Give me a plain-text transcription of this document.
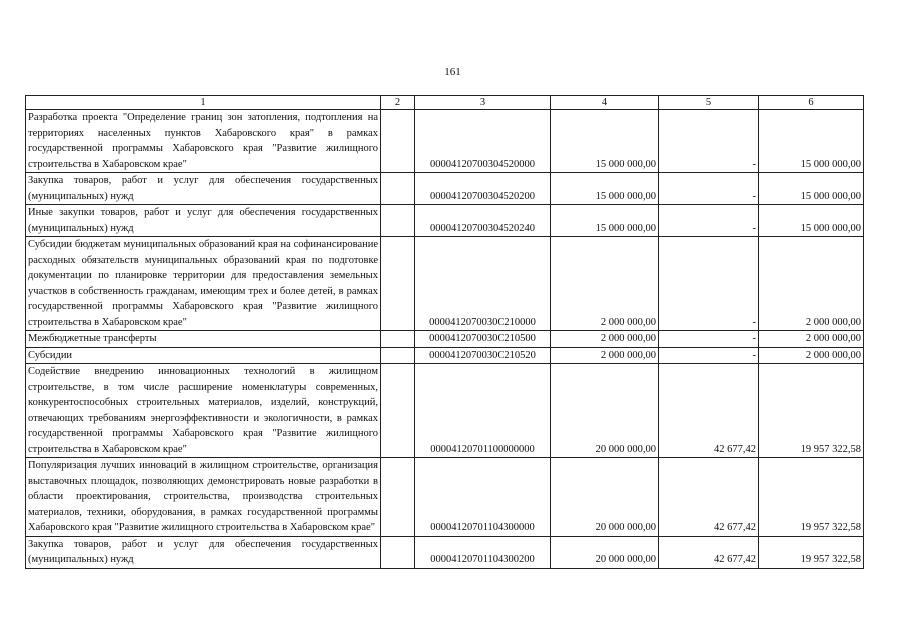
161
1	2	3	4	5	6
Разработка проекта "Определение границ зон затопления, подтопления на территориях населенных пунктов Хабаровского края" в рамках государственной программы Хабаровского края "Развитие жилищного строительства в Хабаровском крае"		00004120700304520000	15 000 000,00	-	15 000 000,00
Закупка товаров, работ и услуг для обеспечения государственных (муниципальных) нужд		00004120700304520200	15 000 000,00	-	15 000 000,00
Иные закупки товаров, работ и услуг для обеспечения государственных (муниципальных) нужд		00004120700304520240	15 000 000,00	-	15 000 000,00
Субсидии бюджетам муниципальных образований края на софинансирование расходных обязательств муниципальных образований края по подготовке документации по планировке территории для предоставления земельных участков в собственность гражданам, имеющим трех и более детей, в рамках государственной программы Хабаровского края "Развитие жилищного строительства в Хабаровском крае"		0000412070030С210000	2 000 000,00	-	2 000 000,00
Межбюджетные трансферты		0000412070030С210500	2 000 000,00	-	2 000 000,00
Субсидии		0000412070030С210520	2 000 000,00	-	2 000 000,00
Содействие внедрению инновационных технологий в жилищном строительстве, в том числе расширение номенклатуры современных, конкурентоспособных строительных материалов, изделий, конструкций, отвечающих требованиям энергоэффективности и экологичности, в рамках государственной программы Хабаровского края "Развитие жилищного строительства в Хабаровском крае"		00004120701100000000	20 000 000,00	42 677,42	19 957 322,58
Популяризация лучших инноваций в жилищном строительстве, организация выставочных площадок, позволяющих демонстрировать новые разработки в области проектирования, строительства, производства строительных материалов, техники, оборудования, в рамках государственной программы Хабаровского края "Развитие жилищного строительства в Хабаровском крае"		00004120701104300000	20 000 000,00	42 677,42	19 957 322,58
Закупка товаров, работ и услуг для обеспечения государственных (муниципальных) нужд		00004120701104300200	20 000 000,00	42 677,42	19 957 322,58
